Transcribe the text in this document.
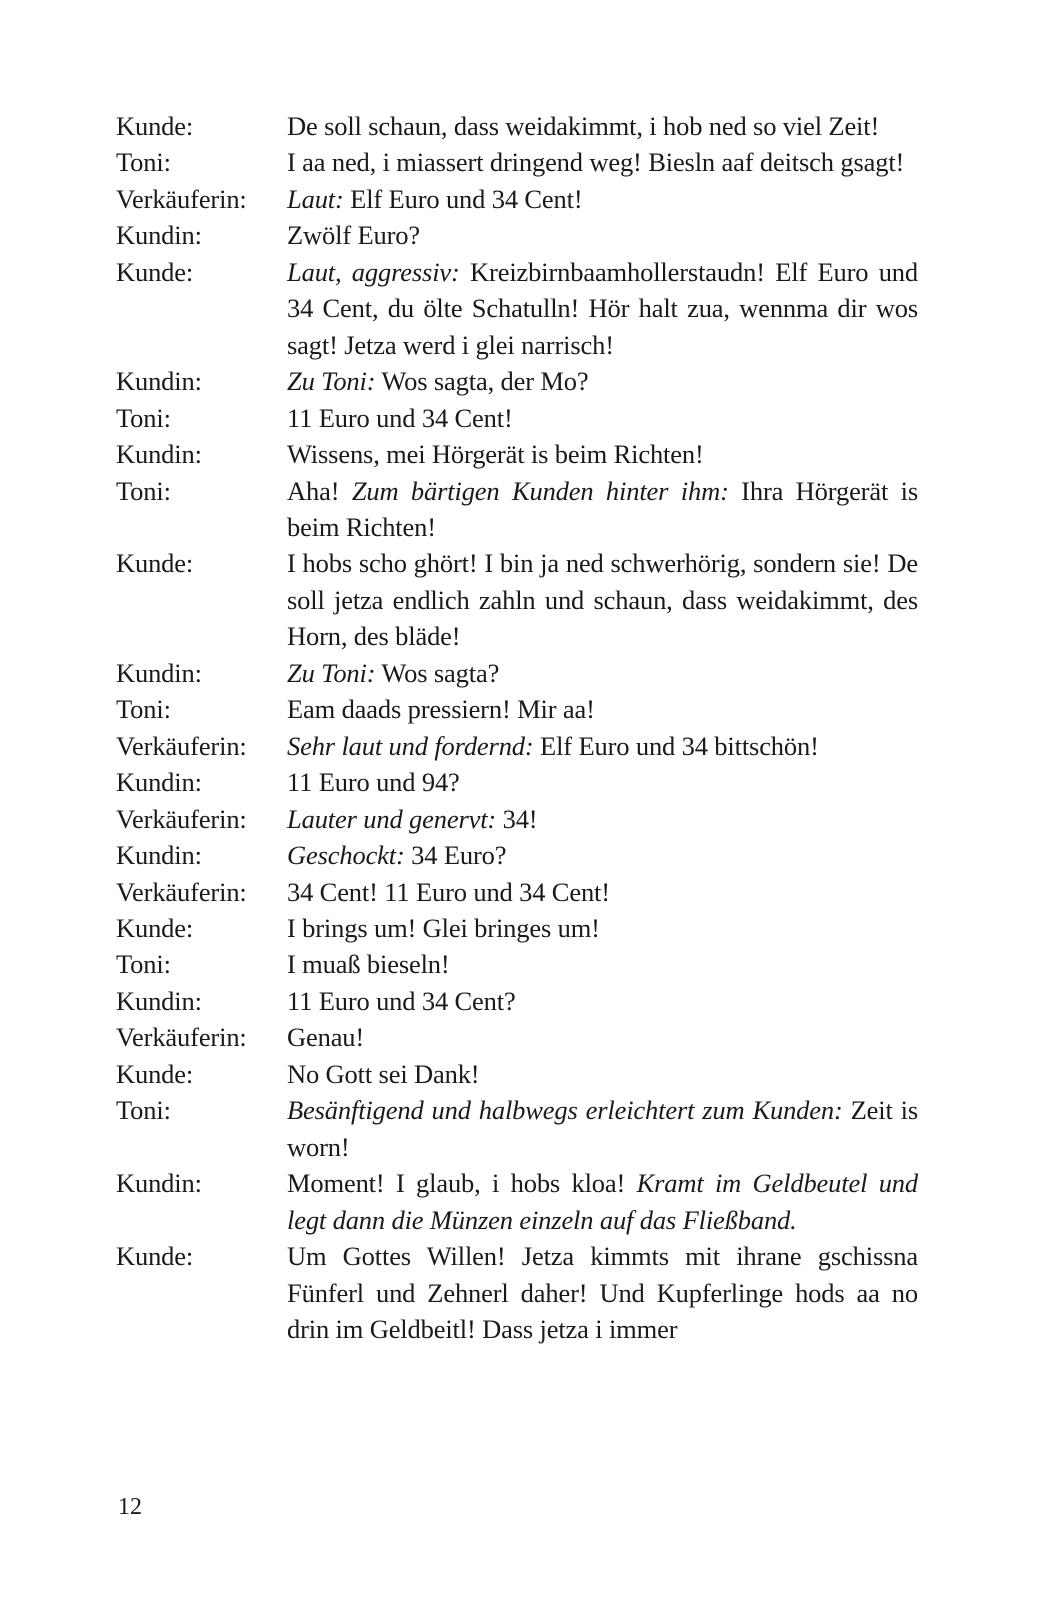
Kunde:	De soll schaun, dass weidakimmt, i hob ned so viel Zeit!
Toni:	I aa ned, i miassert dringend weg! Biesln aaf deitsch gsagt!
Verkäuferin:	Laut: Elf Euro und 34 Cent!
Kundin:	Zwölf Euro?
Kunde:	Laut, aggressiv: Kreizbirnbaamhollerstaudn! Elf Euro und 34 Cent, du ölte Schatulln! Hör halt zua, wennma dir wos sagt! Jetza werd i glei narrisch!
Kundin:	Zu Toni: Wos sagta, der Mo?
Toni:	11 Euro und 34 Cent!
Kundin:	Wissens, mei Hörgerät is beim Richten!
Toni:	Aha! Zum bärtigen Kunden hinter ihm: Ihra Hörgerät is beim Richten!
Kunde:	I hobs scho ghört! I bin ja ned schwerhörig, sondern sie! De soll jetza endlich zahln und schaun, dass weidakimmt, des Horn, des bläde!
Kundin:	Zu Toni: Wos sagta?
Toni:	Eam daads pressiern! Mir aa!
Verkäuferin:	Sehr laut und fordernd: Elf Euro und 34 bittschön!
Kundin:	11 Euro und 94?
Verkäuferin:	Lauter und genervt: 34!
Kundin:	Geschockt: 34 Euro?
Verkäuferin:	34 Cent! 11 Euro und 34 Cent!
Kunde:	I brings um! Glei bringes um!
Toni:	I muaß bieseln!
Kundin:	11 Euro und 34 Cent?
Verkäuferin:	Genau!
Kunde:	No Gott sei Dank!
Toni:	Besänftigend und halbwegs erleichtert zum Kunden: Zeit is worn!
Kundin:	Moment! I glaub, i hobs kloa! Kramt im Geldbeutel und legt dann die Münzen einzeln auf das Fließband.
Kunde:	Um Gottes Willen! Jetza kimmts mit ihrane gschissna Fünferl und Zehnerl daher! Und Kupferlinge hods aa no drin im Geldbeitl! Dass jetza i immer
12
